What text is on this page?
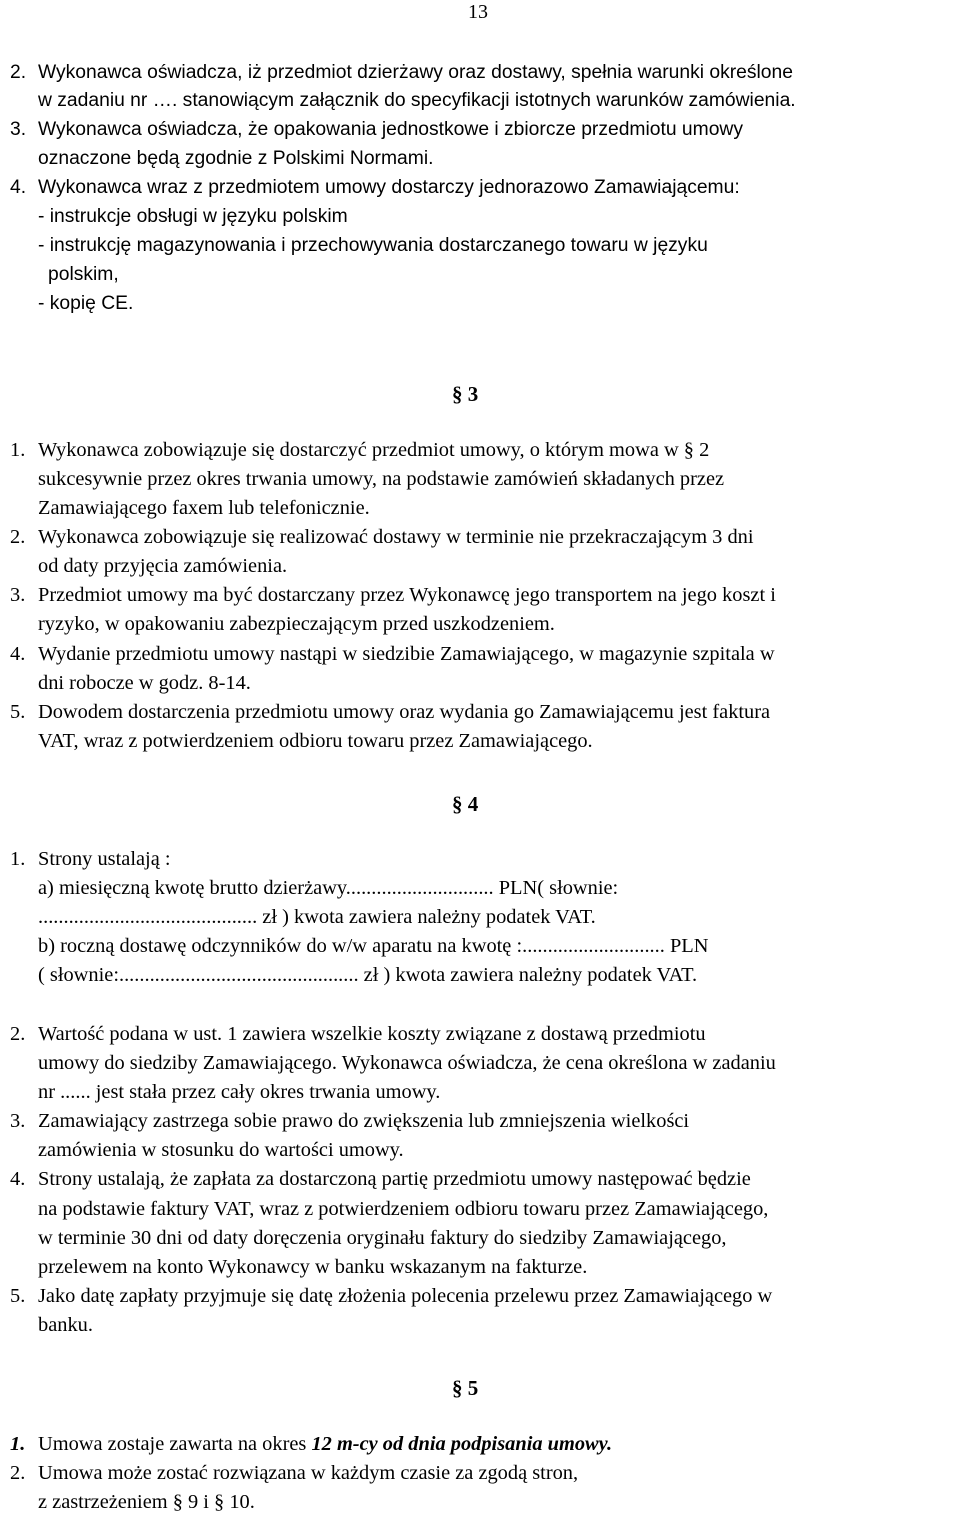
13
2. Wykonawca oświadcza, iż przedmiot dzierżawy oraz dostawy, spełnia warunki określone
w zadaniu nr …. stanowiącym załącznik do specyfikacji istotnych warunków zamówienia.
3. Wykonawca oświadcza, że opakowania jednostkowe i zbiorcze przedmiotu umowy
oznaczone będą zgodnie z Polskimi Normami.
4. Wykonawca wraz z przedmiotem umowy dostarczy jednorazowo Zamawiającemu:
- instrukcje obsługi w języku polskim
- instrukcję magazynowania i przechowywania dostarczanego towaru w języku
polskim,
- kopię CE.
§ 3
1. Wykonawca zobowiązuje się dostarczyć przedmiot umowy, o którym mowa w § 2
sukcesywnie przez okres trwania umowy, na podstawie zamówień składanych przez
Zamawiającego faxem lub telefonicznie.
2. Wykonawca zobowiązuje się realizować dostawy w terminie nie przekraczającym 3 dni
od daty przyjęcia zamówienia.
3. Przedmiot umowy ma być dostarczany przez Wykonawcę jego transportem na jego koszt i
ryzyko, w opakowaniu zabezpieczającym przed uszkodzeniem.
4. Wydanie przedmiotu umowy nastąpi w siedzibie Zamawiającego, w magazynie szpitala w
dni robocze w godz. 8-14.
5. Dowodem dostarczenia przedmiotu umowy oraz wydania go Zamawiającemu jest faktura
VAT, wraz z potwierdzeniem odbioru towaru przez Zamawiającego.
§ 4
1. Strony ustalają :
a) miesięczną kwotę brutto dzierżawy............................. PLN( słownie:
........................................... zł ) kwota zawiera należny podatek VAT.
b) roczną dostawę odczynników do w/w aparatu na kwotę :............................ PLN
( słownie:............................................... zł ) kwota zawiera należny podatek VAT.
2. Wartość podana w ust. 1 zawiera wszelkie koszty związane z dostawą przedmiotu
umowy do siedziby Zamawiającego. Wykonawca oświadcza, że cena określona w zadaniu
nr ...... jest stała przez cały okres trwania umowy.
3. Zamawiający zastrzega sobie prawo do zwiększenia lub zmniejszenia wielkości
zamówienia w stosunku do wartości umowy.
4. Strony ustalają, że zapłata za dostarczoną partię przedmiotu umowy następować będzie
na podstawie faktury VAT, wraz z potwierdzeniem odbioru towaru przez Zamawiającego,
w terminie 30 dni od daty doręczenia oryginału faktury do siedziby Zamawiającego,
przelewem na konto Wykonawcy w banku wskazanym na fakturze.
5. Jako datę zapłaty przyjmuje się datę złożenia polecenia przelewu przez Zamawiającego w
banku.
§ 5
1. Umowa zostaje zawarta na okres 12 m-cy od dnia podpisania umowy.
2. Umowa może zostać rozwiązana w każdym czasie za zgodą stron,
z zastrzeżeniem § 9 i § 10.
